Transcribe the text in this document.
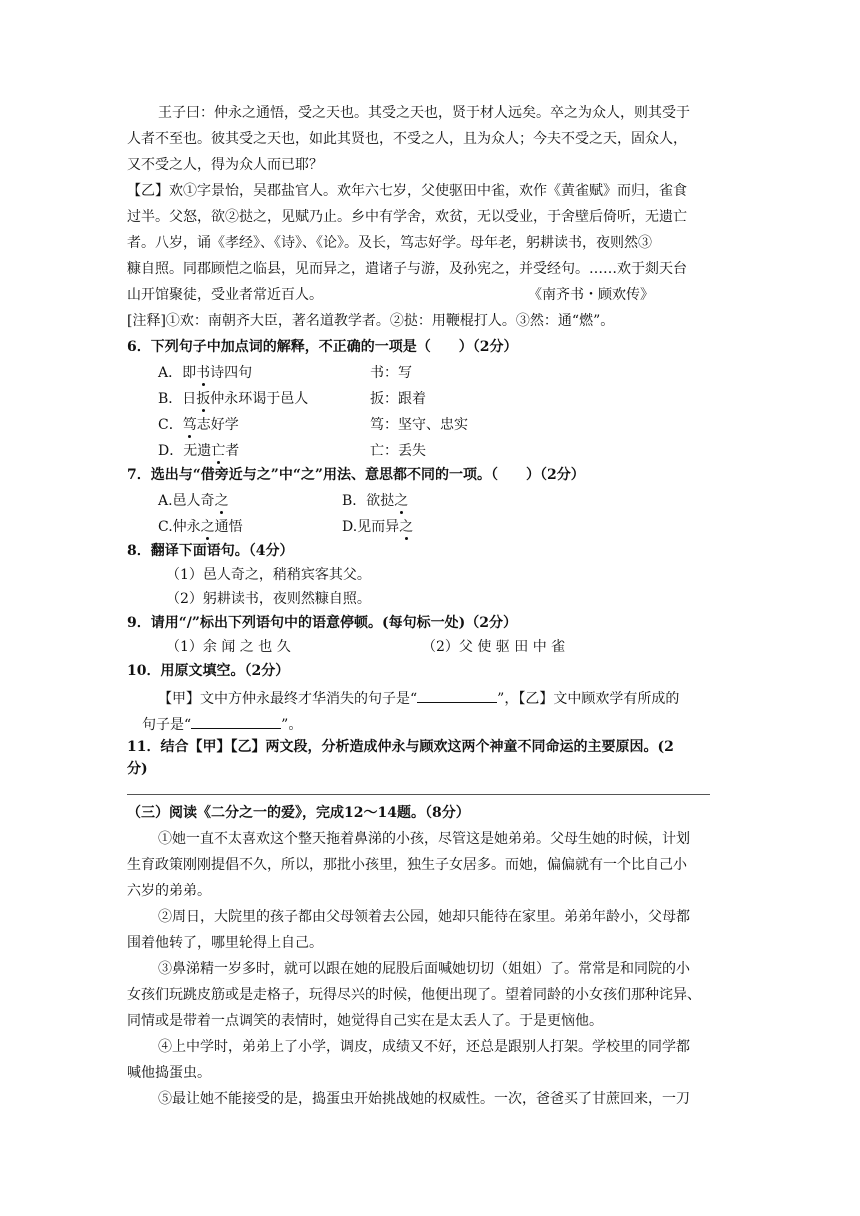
王子曰：仲永之通悟，受之天也。其受之天也，贤于材人远矣。卒之为众人，则其受于
人者不至也。彼其受之天也，如此其贤也，不受之人，且为众人；今夫不受之天，固众人，
又不受之人，得为众人而已耶？
【乙】欢①字景怡，吴郡盐官人。欢年六七岁，父使驱田中雀，欢作《黄雀赋》而归，雀食
过半。父怒，欲②挞之，见赋乃止。乡中有学舍，欢贫，无以受业，于舍壁后倚听，无遗亡
者。八岁，诵《孝经》、《诗》、《论》。及长，笃志好学。母年老，躬耕读书，夜则然③
糠自照。同郡顾恺之临县，见而异之，遣诸子与游，及孙宪之，并受经句。……欢于剡天台
山开馆聚徒，受业者常近百人。	《南齐书・顾欢传》
[注释]①欢：南朝齐大臣，著名道教学者。②挞：用鞭棍打人。③然：通“燃”。
6．下列句子中加点词的解释，不正确的一项是（　　）（2分）
A．即书诗四句	书：写
B．日扳仲永环谒于邑人	扳：跟着
C．笃志好学	笃：坚守、忠实
D．无遗亡者	亡：丢失
7．选出与“借旁近与之”中“之”用法、意思都不同的一项。（　　）（2分）
A.邑人奇之	B．欲挞之
C.仲永之通悟	D.见而异之
8．翻译下面语句。（4分）
（1）邑人奇之，稍稍宾客其父。
（2）躬耕读书，夜则然糠自照。
9．请用“/”标出下列语句中的语意停顿。(每句标一处)（2分）
（1）余 闻 之 也 久	（2）父 使 驱 田 中 雀
10．用原文填空。（2分）
【甲】文中方仲永最终才华消失的句子是“	”，【乙】文中顾欢学有所成的
句子是“	”。
11．结合【甲】【乙】两文段，分析造成仲永与顾欢这两个神童不同命运的主要原因。(2
分)
（三）阅读《二分之一的爱》，完成12～14题。（8分）
①她一直不太喜欢这个整天拖着鼻涕的小孩，尽管这是她弟弟。父母生她的时候，计划
生育政策刚刚提倡不久，所以，那批小孩里，独生子女居多。而她，偏偏就有一个比自己小
六岁的弟弟。
②周日，大院里的孩子都由父母领着去公园，她却只能待在家里。弟弟年龄小，父母都
围着他转了，哪里轮得上自己。
③鼻涕精一岁多时，就可以跟在她的屁股后面喊她切切（姐姐）了。常常是和同院的小
女孩们玩跳皮筋或是走格子，玩得尽兴的时候，他便出现了。望着同龄的小女孩们那种诧异、
同情或是带着一点调笑的表情时，她觉得自己实在是太丢人了。于是更恼他。
④上中学时，弟弟上了小学，调皮，成绩又不好，还总是跟别人打架。学校里的同学都
喊他捣蛋虫。
⑤最让她不能接受的是，捣蛋虫开始挑战她的权威性。一次，爸爸买了甘蔗回来，一刀
